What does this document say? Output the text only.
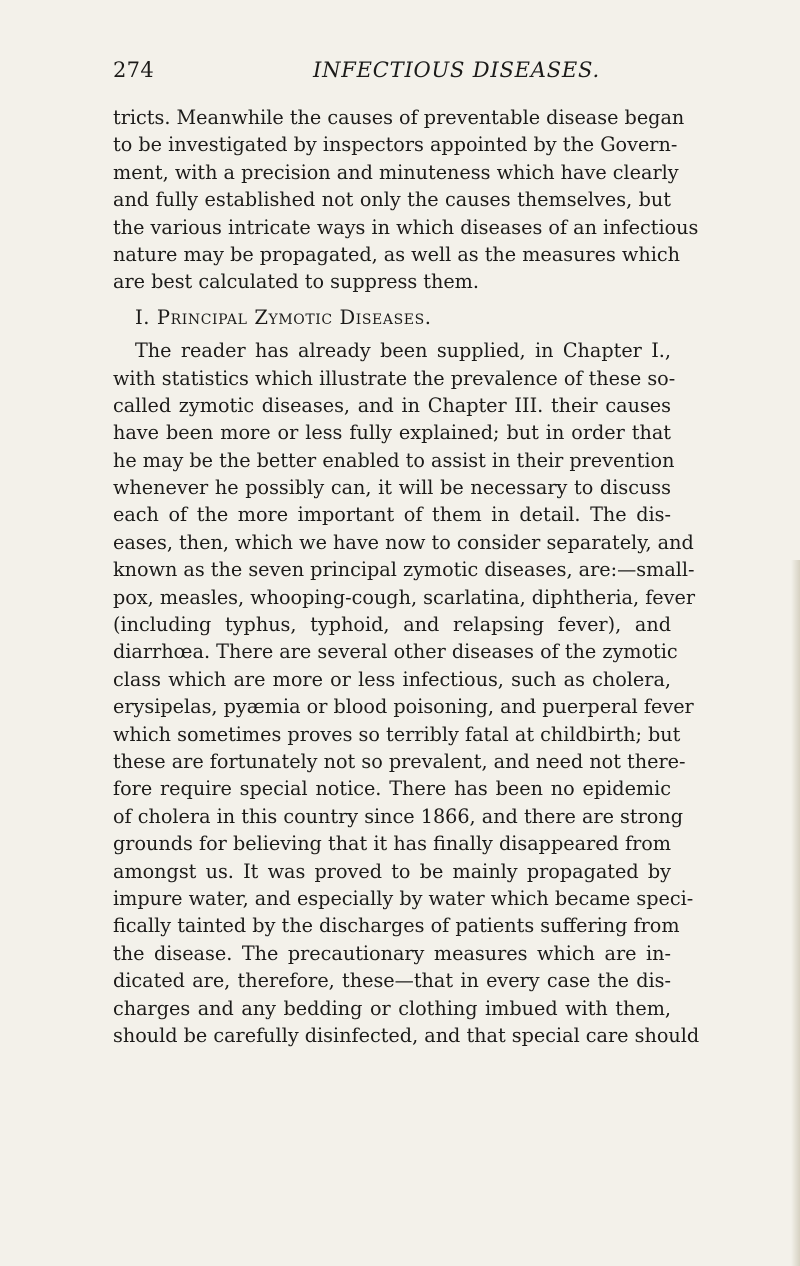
274	INFECTIOUS DISEASES.
tricts. Meanwhile the causes of preventable disease began
to be investigated by inspectors appointed by the Govern-
ment, with a precision and minuteness which have clearly
and fully established not only the causes themselves, but
the various intricate ways in which diseases of an infectious
nature may be propagated, as well as the measures which
are best calculated to suppress them.
I. Principal Zymotic Diseases.
The reader has already been supplied, in Chapter I.,
with statistics which illustrate the prevalence of these so-
called zymotic diseases, and in Chapter III. their causes
have been more or less fully explained; but in order that
he may be the better enabled to assist in their prevention
whenever he possibly can, it will be necessary to discuss
each of the more important of them in detail. The dis-
eases, then, which we have now to consider separately, and
known as the seven principal zymotic diseases, are:—small-
pox, measles, whooping-cough, scarlatina, diphtheria, fever
(including typhus, typhoid, and relapsing fever), and
diarrhœa. There are several other diseases of the zymotic
class which are more or less infectious, such as cholera,
erysipelas, pyæmia or blood poisoning, and puerperal fever
which sometimes proves so terribly fatal at childbirth; but
these are fortunately not so prevalent, and need not there-
fore require special notice. There has been no epidemic
of cholera in this country since 1866, and there are strong
grounds for believing that it has finally disappeared from
amongst us. It was proved to be mainly propagated by
impure water, and especially by water which became speci-
fically tainted by the discharges of patients suffering from
the disease. The precautionary measures which are in-
dicated are, therefore, these—that in every case the dis-
charges and any bedding or clothing imbued with them,
should be carefully disinfected, and that special care should
